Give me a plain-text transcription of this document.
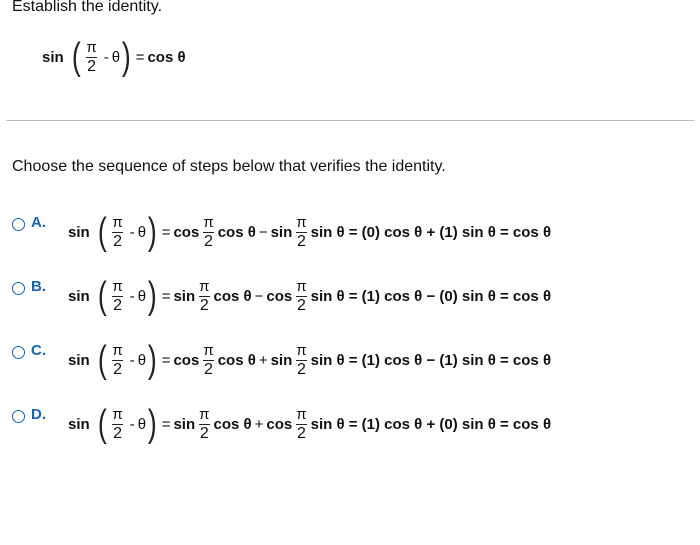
Establish the identity.
sin ( $\frac{\pi}{2}$ - θ ) = cos θ
Choose the sequence of steps below that verifies the identity.
A.
sin ( $\frac{\pi}{2}$ - θ ) = $\cos \frac{\pi}{2}$ $\cos \theta - \sin \frac{\pi}{2}$ sin θ = (0) cos θ + (1) sin θ = cos θ
B.
sin ( $\frac{\pi}{2}$ - θ ) = $\sin \frac{\pi}{2}$ $\cos \theta - \cos \frac{\pi}{2}$ sin θ = (1) cos θ − (0) sin θ = cos θ
C.
sin ( $\frac{\pi}{2}$ - θ ) = $\cos \frac{\pi}{2}$ $\cos \theta + \sin \frac{\pi}{2}$ sin θ = (1) cos θ − (1) sin θ = cos θ
D.
sin ( $\frac{\pi}{2}$ - θ ) = $\sin \frac{\pi}{2}$ $\cos \theta + \cos \frac{\pi}{2}$ sin θ = (1) cos θ + (0) sin θ = cos θ
